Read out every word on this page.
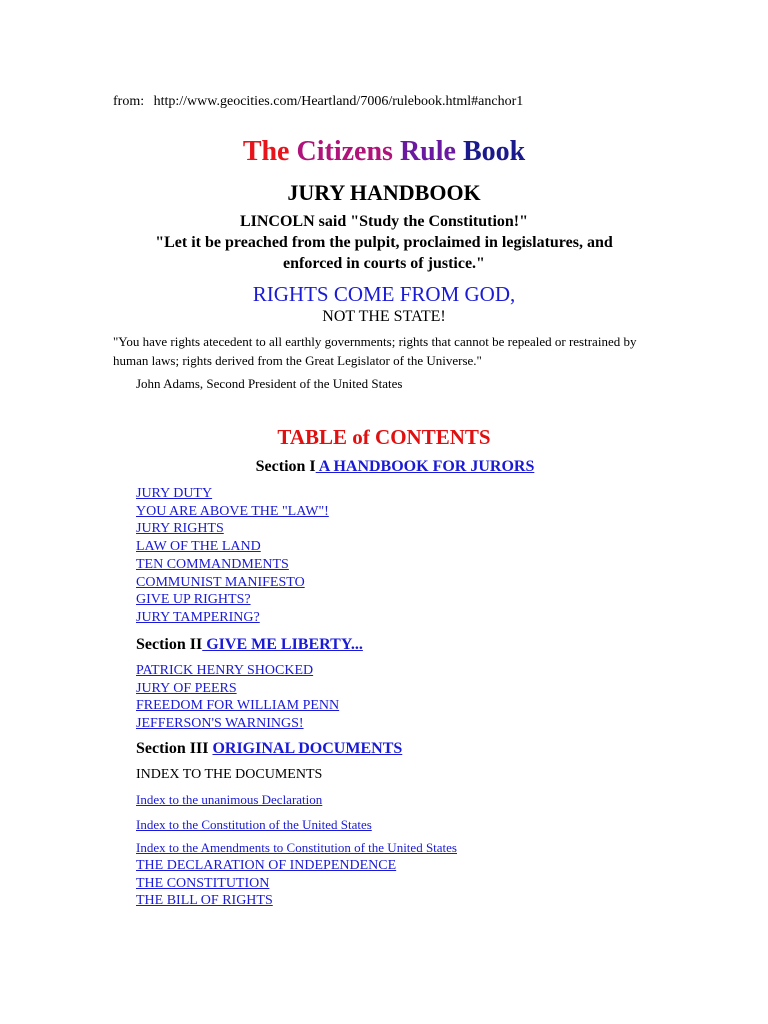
from: http://www.geocities.com/Heartland/7006/rulebook.html#anchor1
The Citizens Rule Book
JURY HANDBOOK
LINCOLN said "Study the Constitution!"
"Let it be preached from the pulpit, proclaimed in legislatures, and
enforced in courts of justice."
RIGHTS COME FROM GOD,
NOT THE STATE!

"You have rights atecedent to all earthly governments; rights that cannot be repealed or restrained by human laws; rights derived from the Great Legislator of the Universe."

John Adams, Second President of the United States
TABLE of CONTENTS
Section I A HANDBOOK FOR JURORS
JURY DUTY
YOU ARE ABOVE THE "LAW"!
JURY RIGHTS
LAW OF THE LAND
TEN COMMANDMENTS
COMMUNIST MANIFESTO
GIVE UP RIGHTS?
JURY TAMPERING?
Section II GIVE ME LIBERTY...
PATRICK HENRY SHOCKED
JURY OF PEERS
FREEDOM FOR WILLIAM PENN
JEFFERSON'S WARNINGS!
Section III ORIGINAL DOCUMENTS
INDEX TO THE DOCUMENTS
Index to the unanimous Declaration
Index to the Constitution of the United States
Index to the Amendments to Constitution of the United States
THE DECLARATION OF INDEPENDENCE
THE CONSTITUTION
THE BILL OF RIGHTS
